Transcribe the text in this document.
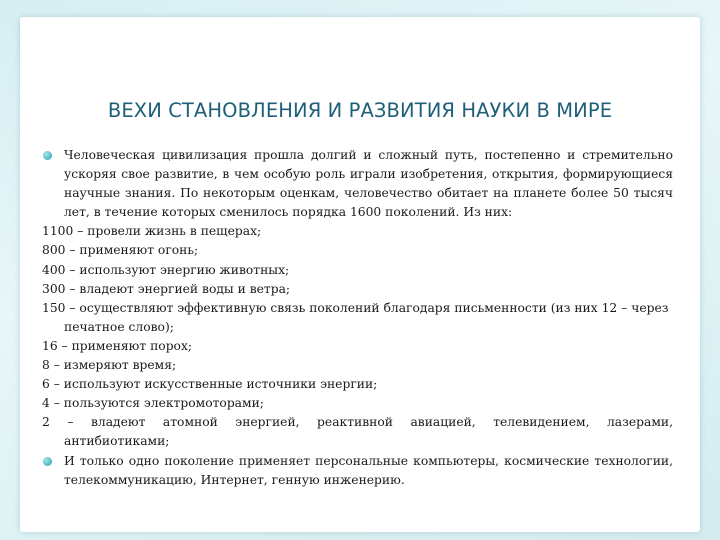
ВЕХИ СТАНОВЛЕНИЯ И РАЗВИТИЯ НАУКИ В МИРЕ
Человеческая цивилизация прошла долгий и сложный путь, постепенно и стремительно ускоряя свое развитие, в чем особую роль играли изобретения, открытия, формирующиеся научные знания. По некоторым оценкам, человечество обитает на планете более 50 тысяч лет, в течение которых сменилось порядка 1600 поколений. Из них:
1100 – провели жизнь в пещерах;
800 – применяют огонь;
400 – используют энергию животных;
300 – владеют энергией воды и ветра;
150 – осуществляют эффективную связь поколений благодаря письменности (из них 12 – через печатное слово);
16 – применяют порох;
8 – измеряют время;
6 – используют искусственные источники энергии;
4 – пользуются электромоторами;
2 – владеют атомной энергией, реактивной авиацией, телевидением, лазерами, антибиотиками;
И только одно поколение применяет персональные компьютеры, космические технологии, телекоммуникацию, Интернет, генную инженерию.
